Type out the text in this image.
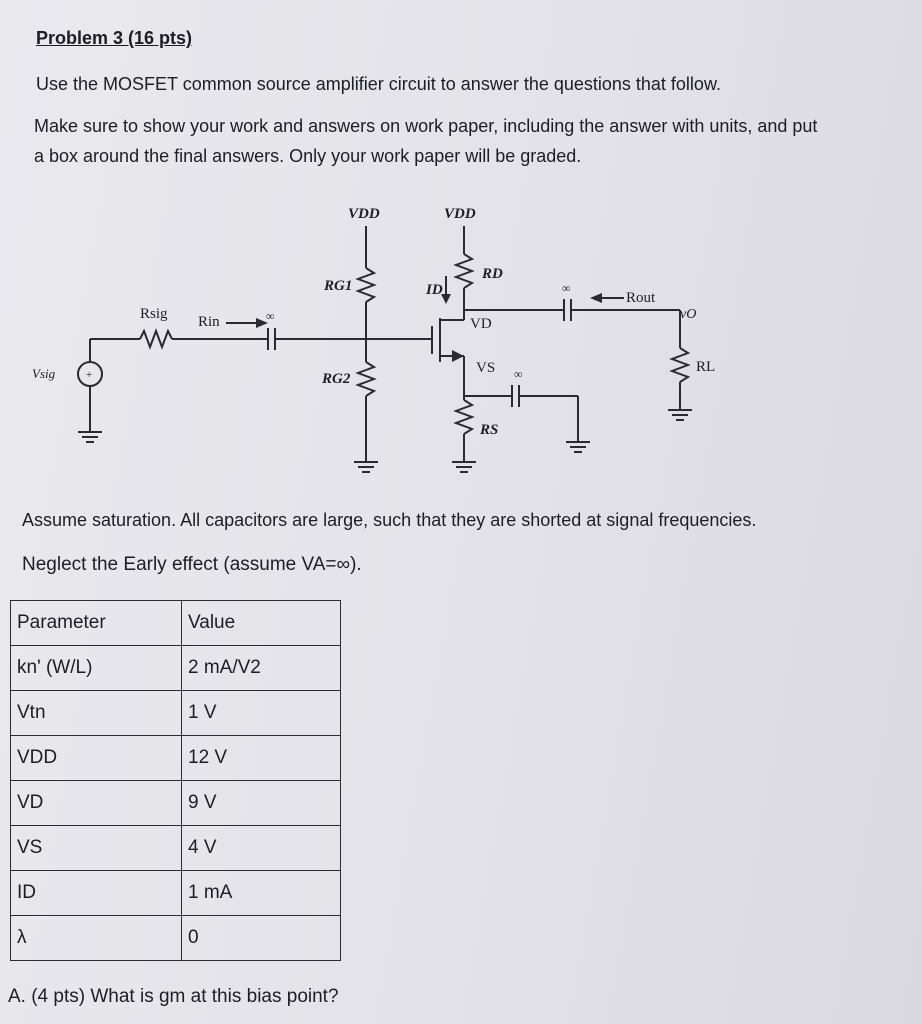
Problem 3 (16 pts)
Use the MOSFET common source amplifier circuit to answer the questions that follow.
Make sure to show your work and answers on work paper, including the answer with units, and put
a box around the final answers. Only your work paper will be graded.
VDD	VDD
RG1
RG2
RD
RS
Rsig Rin
Rout
RL
Vsig
vO
VD
VS
ID
∞
∞
∞
+
Assume saturation. All capacitors are large, such that they are shorted at signal frequencies.
Neglect the Early effect (assume VA=∞).
Parameter	Value
kn' (W/L)	2 mA/V2
Vtn	1 V
VDD	12 V
VD	9 V
VS	4 V
ID	1 mA
λ	0
A. (4 pts) What is gm at this bias point?
